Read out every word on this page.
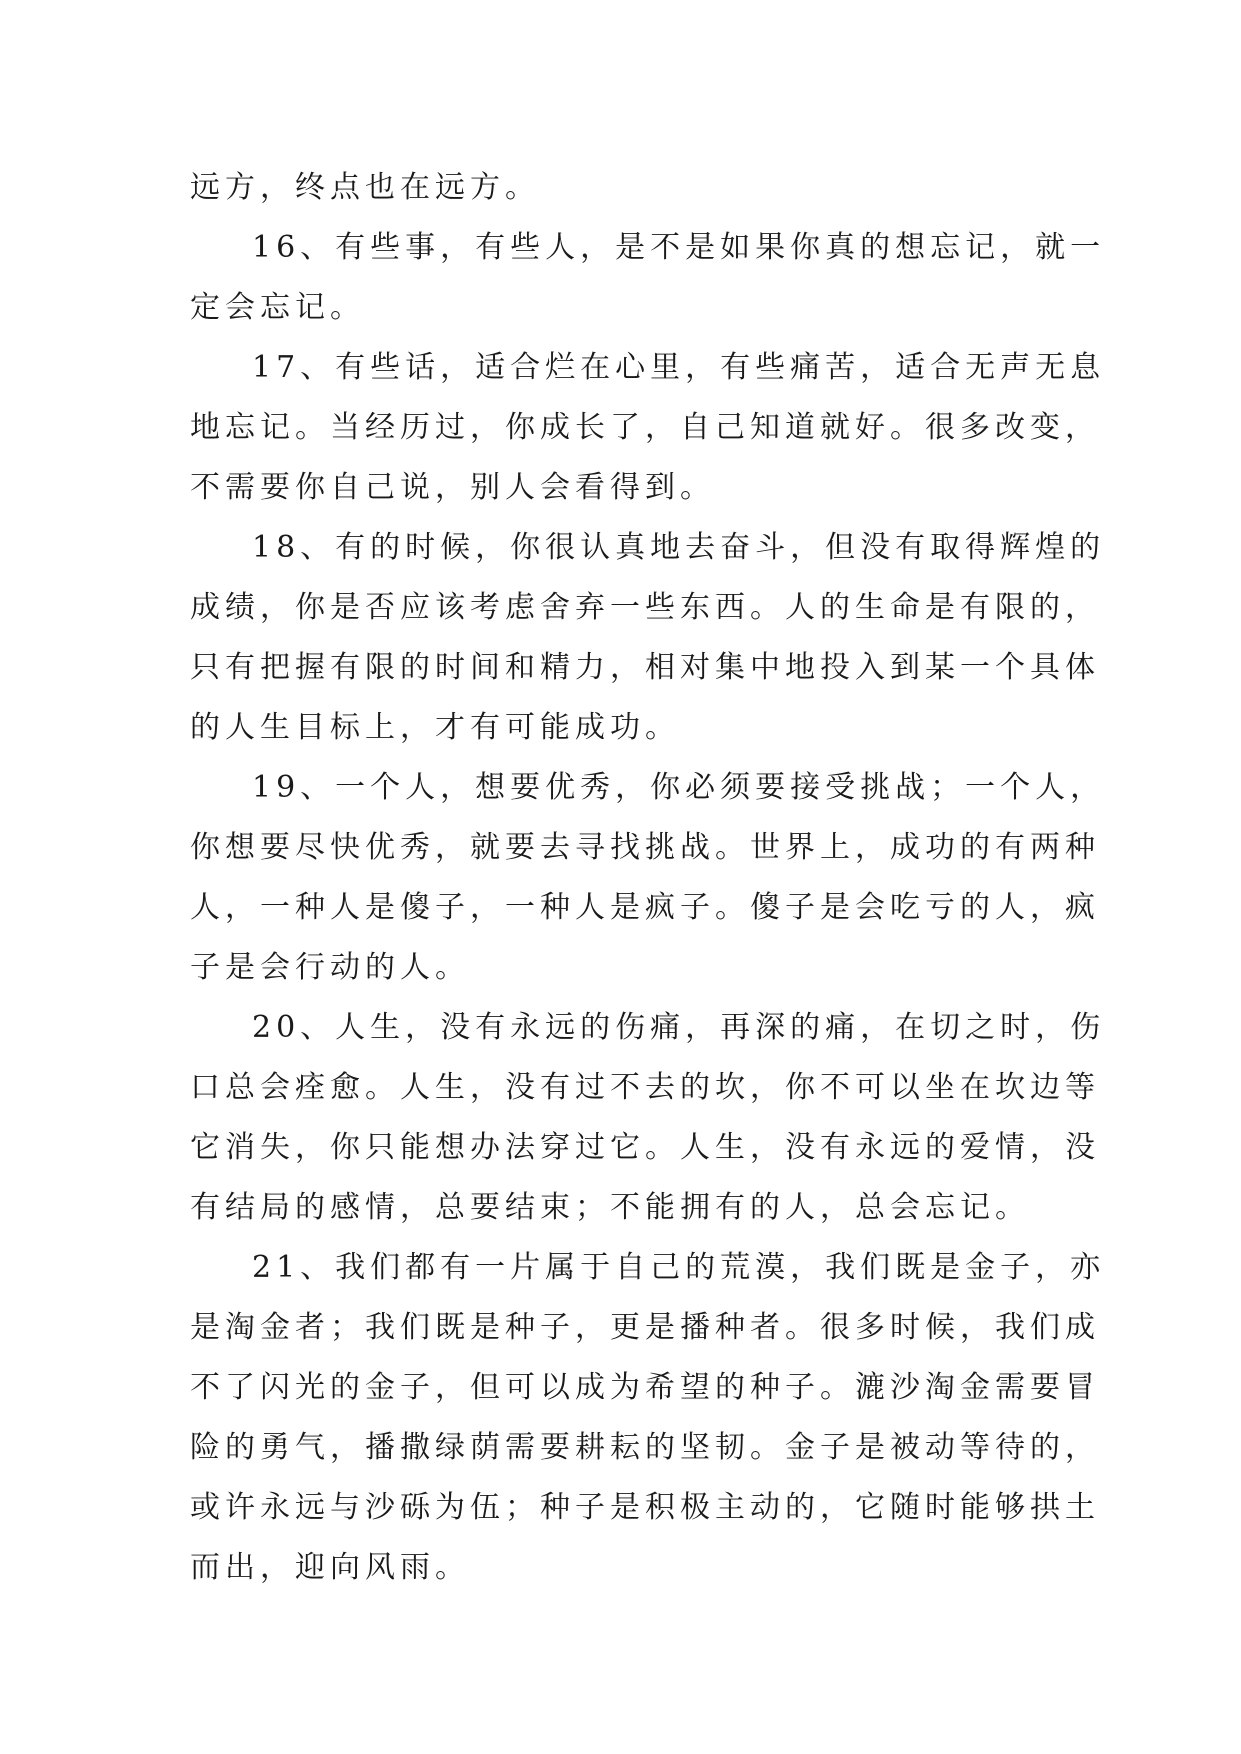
远方，终点也在远方。
16、有些事，有些人，是不是如果你真的想忘记，就一
定会忘记。
17、有些话，适合烂在心里，有些痛苦，适合无声无息
地忘记。当经历过，你成长了，自己知道就好。很多改变，
不需要你自己说，别人会看得到。
18、有的时候，你很认真地去奋斗，但没有取得辉煌的
成绩，你是否应该考虑舍弃一些东西。人的生命是有限的，
只有把握有限的时间和精力，相对集中地投入到某一个具体
的人生目标上，才有可能成功。
19、一个人，想要优秀，你必须要接受挑战；一个人，
你想要尽快优秀，就要去寻找挑战。世界上，成功的有两种
人，一种人是傻子，一种人是疯子。傻子是会吃亏的人，疯
子是会行动的人。
20、人生，没有永远的伤痛，再深的痛，在切之时，伤
口总会痊愈。人生，没有过不去的坎，你不可以坐在坎边等
它消失，你只能想办法穿过它。人生，没有永远的爱情，没
有结局的感情，总要结束；不能拥有的人，总会忘记。
21、我们都有一片属于自己的荒漠，我们既是金子，亦
是淘金者；我们既是种子，更是播种者。很多时候，我们成
不了闪光的金子，但可以成为希望的种子。漉沙淘金需要冒
险的勇气，播撒绿荫需要耕耘的坚韧。金子是被动等待的，
或许永远与沙砾为伍；种子是积极主动的，它随时能够拱土
而出，迎向风雨。
